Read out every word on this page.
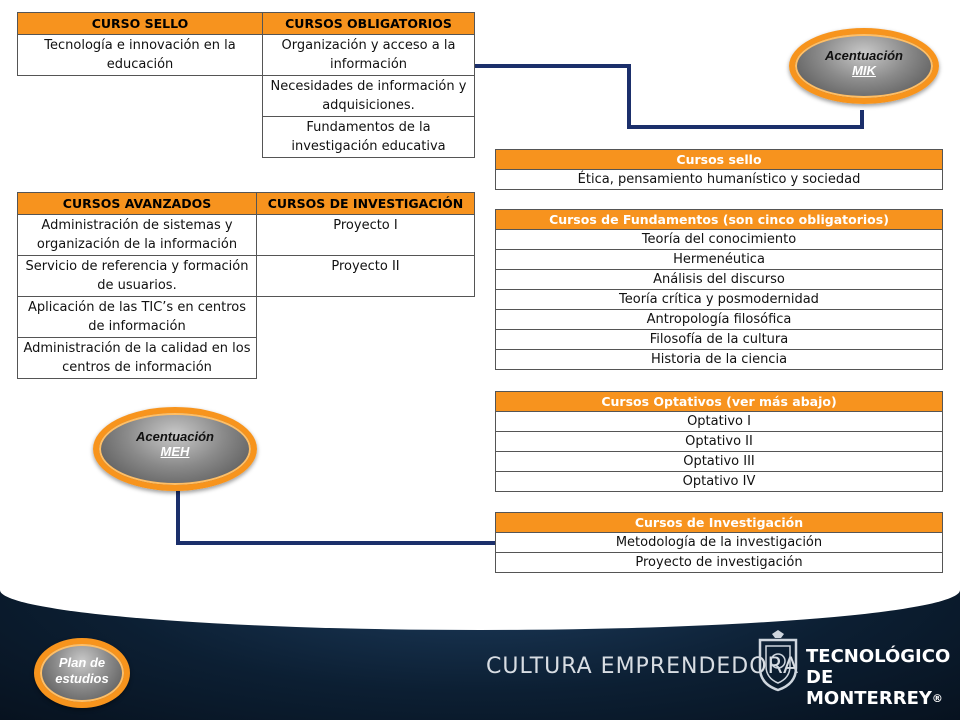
CURSO SELLO	CURSOS OBLIGATORIOS
Tecnología e innovación en la educación	Organización y acceso a la información
	Necesidades de información y adquisiciones.
	Fundamentos de la investigación educativa
CURSOS AVANZADOS	CURSOS DE INVESTIGACIÓN
Administración de sistemas y organización de la información	Proyecto I
Servicio de referencia y formación de usuarios.	Proyecto II
Aplicación de las TIC’s en centros de información	
Administración de la calidad en los centros de información	
Cursos sello
Ética, pensamiento humanístico y sociedad
Cursos de Fundamentos (son cinco obligatorios)
Teoría del conocimiento
Hermenéutica
Análisis del discurso
Teoría crítica y posmodernidad
Antropología filosófica
Filosofía de la cultura
Historia de la ciencia
Cursos Optativos (ver más abajo)
Optativo I
Optativo II
Optativo III
Optativo IV
Cursos de Investigación
Metodología de la investigación
Proyecto de investigación
Acentuación
MIK
Acentuación
MEH
Plan de
estudios	CULTURA EMPRENDEDORA TECNOLÓGICO
DE MONTERREY®
